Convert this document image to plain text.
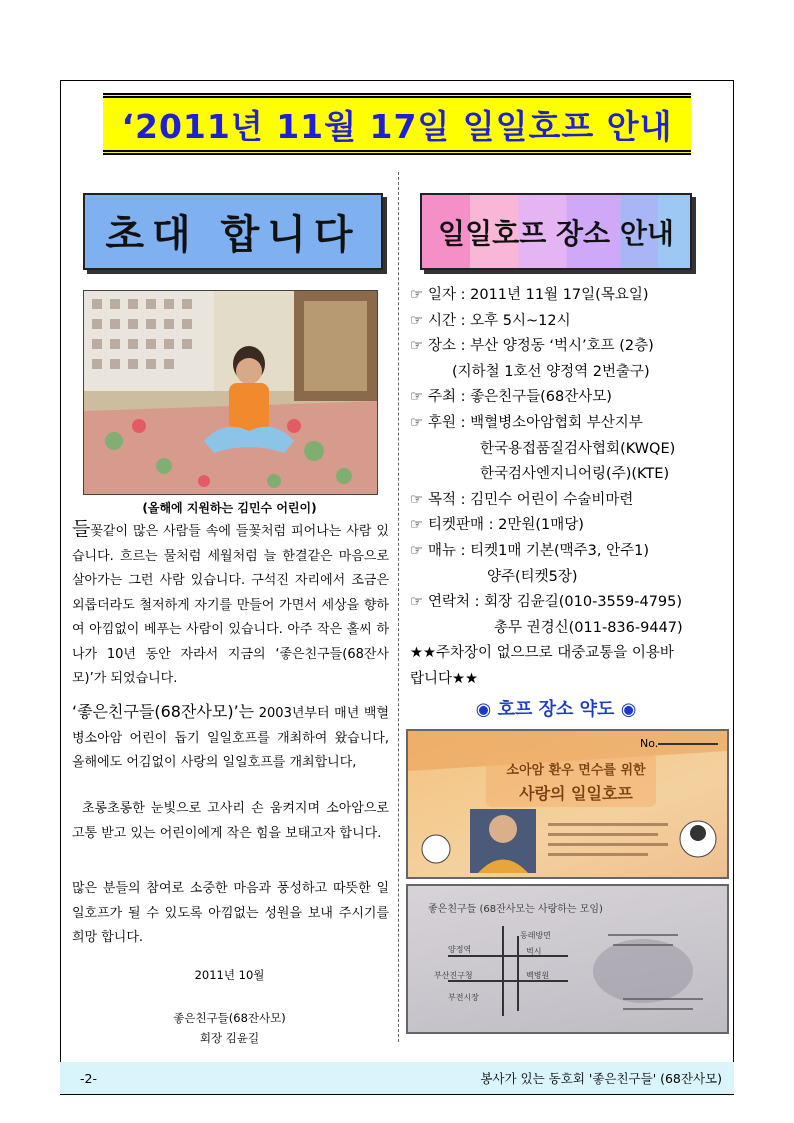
‘2011년 11월 17일 일일호프 안내
초대 합니다	일일호프 장소 안내
(올해에 지원하는 김민수 어린이)

들꽃같이 많은 사람들 속에 들꽃처럼 피어나는 사람 있습니다. 흐르는 물처럼 세월처럼 늘 한결같은 마음으로 살아가는 그런 사람 있습니다. 구석진 자리에서 조금은 외롭더라도 철저하게 자기를 만들어 가면서 세상을 향하여 아낌없이 베푸는 사람이 있습니다. 아주 작은 홀씨 하나가 10년 동안 자라서 지금의 ‘좋은친구들(68잔사모)’가 되었습니다.

‘좋은친구들(68잔사모)’는 2003년부터 매년 백혈병소아암 어린이 돕기 일일호프를 개최하여 왔습니다, 올해에도 어김없이 사랑의 일일호프를 개최합니다,

초롱초롱한 눈빛으로 고사리 손 움켜지며 소아암으로 고통 받고 있는 어린이에게 작은 힘을 보태고자 합니다.

많은 분들의 참여로 소중한 마음과 풍성하고 따뜻한 일일호프가 될 수 있도록 아낌없는 성원을 보내 주시기를 희망 합니다.

2011년 10월
좋은친구들(68잔사모)
회장 김윤길
☞ 일자 : 2011년 11월 17일(목요일)
☞ 시간 : 오후 5시~12시
☞ 장소 : 부산 양정동 ‘벅시’호프 (2층)
(지하철 1호선 양정역 2번출구)
☞ 주최 : 좋은친구들(68잔사모)
☞ 후원 : 백혈병소아암협회 부산지부
한국용접품질검사협회(KWQE)
한국검사엔지니어링(주)(KTE)
☞ 목적 : 김민수 어린이 수술비마련
☞ 티켓판매 : 2만원(1매당)
☞ 매뉴 : 티켓1매 기본(맥주3, 안주1)
양주(티켓5장)
☞ 연락처 : 회장 김윤길(010-3559-4795)
총무 권경신(011-836-9447)
★★주차장이 없으므로 대중교통을 이용바
랍니다★★
◉ 호프 장소 약도 ◉
No.
소아암 환우 면수를 위한
사랑의 일일호프
좋은친구들 (68잔사모는 사랑하는 모임)
동래방면
양정역
부산진구청	백병원
벅시
부전시장
-2-	봉사가 있는 동호회 '좋은친구들' (68잔사모)
